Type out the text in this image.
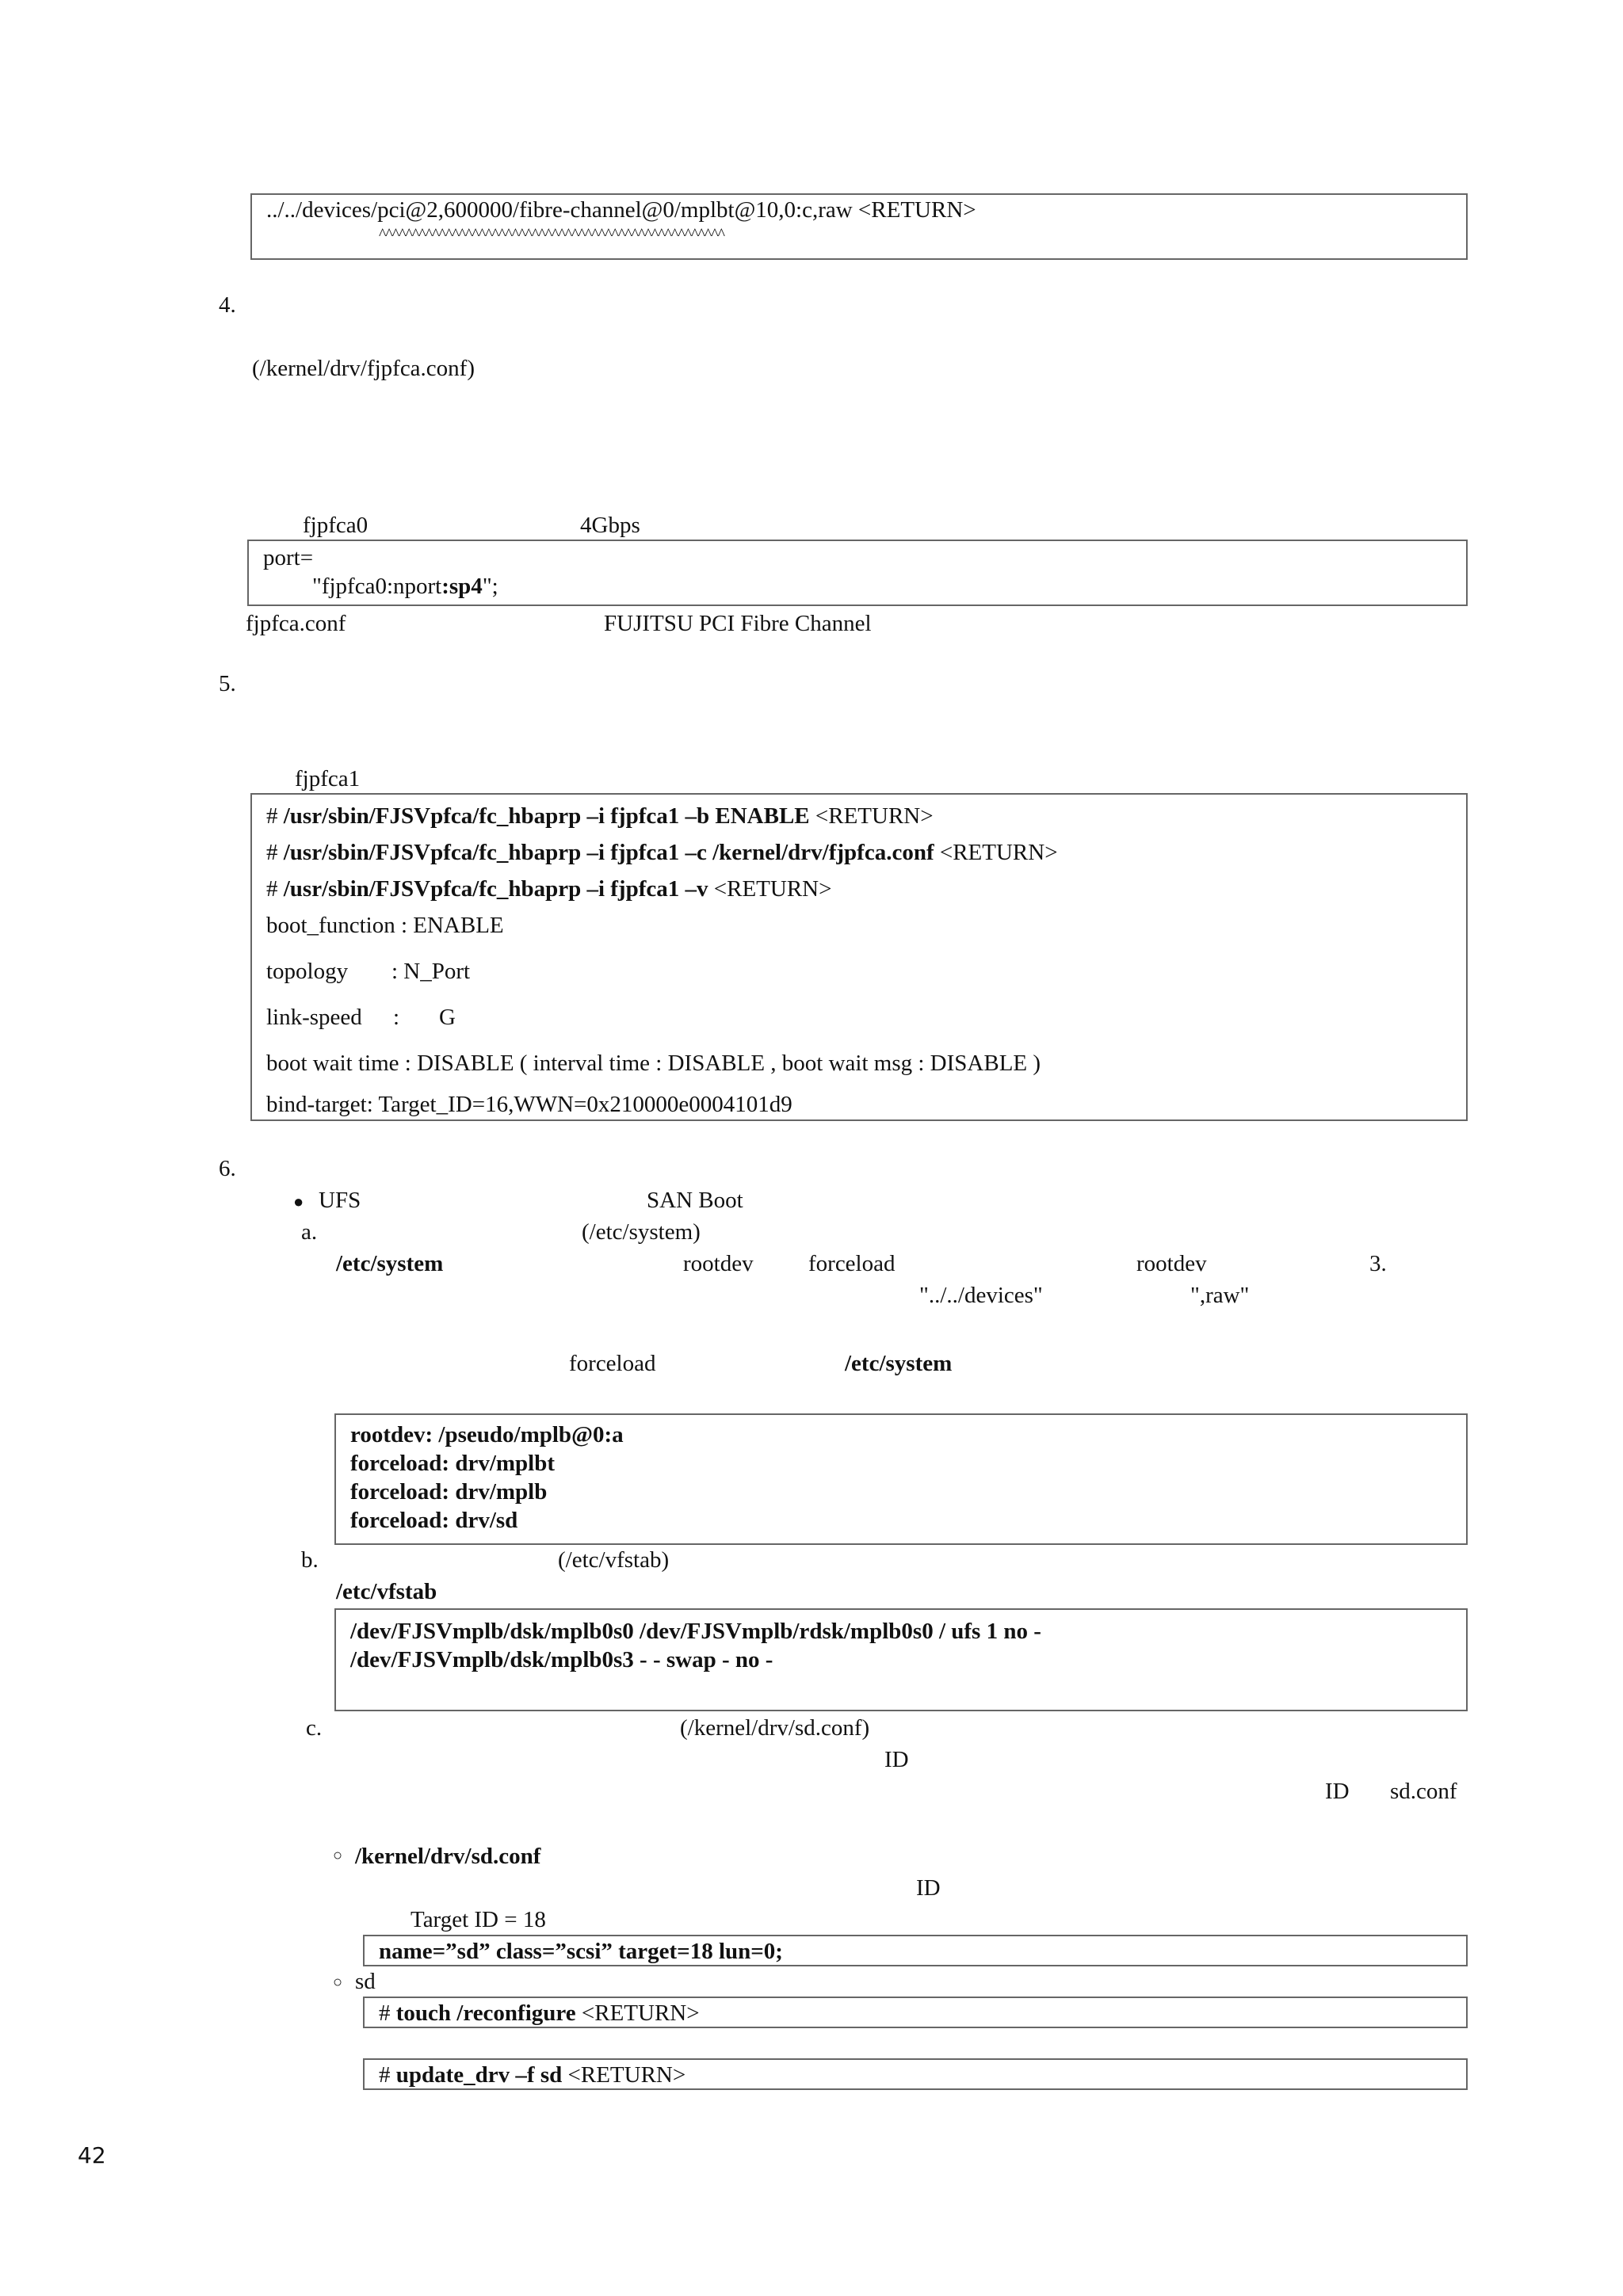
../../devices/pci@2,600000/fibre-channel@0/mplbt@10,0:c,raw <RETURN>
^^^^^^^^^^^^^^^^^^^^^^^^^^^^^^^^^^^^^^^^^^^^^^^^^^^^
4.
(/kernel/drv/fjpfca.conf)
fjpfca0	4Gbps
port=
"fjpfca0:nport:sp4";
fjpfca.conf	FUJITSU PCI Fibre Channel
5.
fjpfca1
# /usr/sbin/FJSVpfca/fc_hbaprp –i fjpfca1 –b ENABLE <RETURN>
# /usr/sbin/FJSVpfca/fc_hbaprp –i fjpfca1 –c /kernel/drv/fjpfca.conf <RETURN>
# /usr/sbin/FJSVpfca/fc_hbaprp –i fjpfca1 –v <RETURN>
boot_function : ENABLE
topology : N_Port
link-speed : G
boot wait time : DISABLE ( interval time : DISABLE , boot wait msg : DISABLE )
bind-target: Target_ID=16,WWN=0x210000e0004101d9
6.
● UFS	SAN Boot
a.	(/etc/system)
/etc/system	rootdev forceload	rootdev	3.
"../../devices"	",raw"
forceload	/etc/system
rootdev: /pseudo/mplb@0:a
forceload: drv/mplbt
forceload: drv/mplb
forceload: drv/sd
b.	(/etc/vfstab)
/etc/vfstab
/dev/FJSVmplb/dsk/mplb0s0 /dev/FJSVmplb/rdsk/mplb0s0 / ufs 1 no -
/dev/FJSVmplb/dsk/mplb0s3 - - swap - no -
c.	(/kernel/drv/sd.conf)
ID
ID sd.conf
○ /kernel/drv/sd.conf
ID
Target ID = 18
name=”sd” class=”scsi” target=18 lun=0;
○ sd
# touch /reconfigure <RETURN>
# update_drv –f sd <RETURN>
42
